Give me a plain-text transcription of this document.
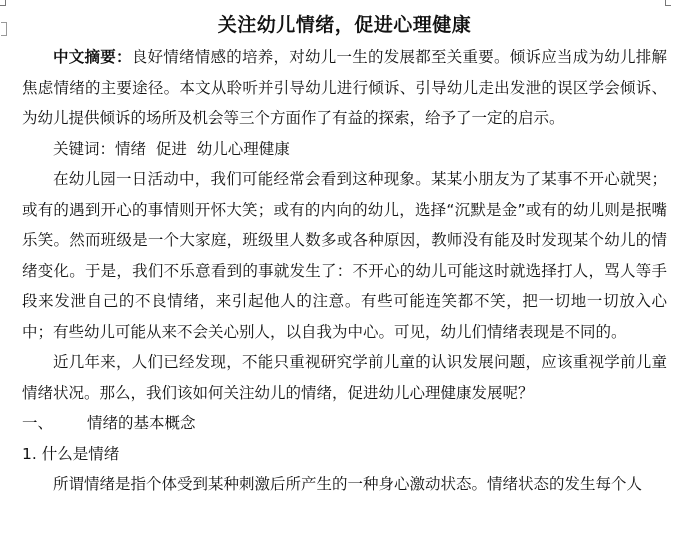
关注幼儿情绪，促进心理健康

中文摘要：良好情绪情感的培养，对幼儿一生的发展都至关重要。倾诉应当成为幼儿排解焦虑情绪的主要途径。本文从聆听并引导幼儿进行倾诉、引导幼儿走出发泄的误区学会倾诉、为幼儿提供倾诉的场所及机会等三个方面作了有益的探索，给予了一定的启示。

关键词：情绪  促进  幼儿心理健康

在幼儿园一日活动中，我们可能经常会看到这种现象。某某小朋友为了某事不开心就哭；或有的遇到开心的事情则开怀大笑；或有的内向的幼儿，选择“沉默是金”或有的幼儿则是抿嘴乐笑。然而班级是一个大家庭，班级里人数多或各种原因，教师没有能及时发现某个幼儿的情绪变化。于是，我们不乐意看到的事就发生了：不开心的幼儿可能这时就选择打人，骂人等手段来发泄自己的不良情绪，来引起他人的注意。有些可能连笑都不笑，把一切地一切放入心中；有些幼儿可能从来不会关心别人，以自我为中心。可见，幼儿们情绪表现是不同的。

近几年来，人们已经发现，不能只重视研究学前儿童的认识发展问题，应该重视学前儿童情绪状况。那么，我们该如何关注幼儿的情绪，促进幼儿心理健康发展呢？

一、 情绪的基本概念

1. 什么是情绪

所谓情绪是指个体受到某种刺激后所产生的一种身心激动状态。情绪状态的发生每个人
